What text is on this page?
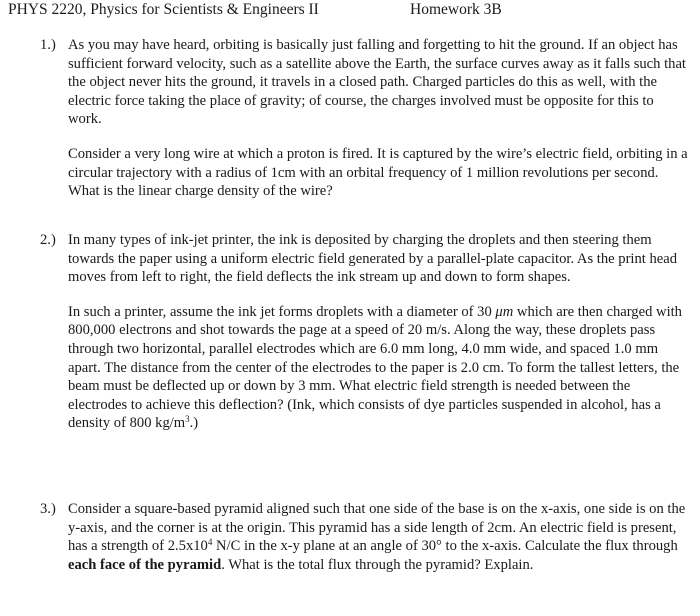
PHYS 2220, Physics for Scientists & Engineers II	Homework 3B
1.) As you may have heard, orbiting is basically just falling and forgetting to hit the ground. If an object has sufficient forward velocity, such as a satellite above the Earth, the surface curves away as it falls such that the object never hits the ground, it travels in a closed path. Charged particles do this as well, with the electric force taking the place of gravity; of course, the charges involved must be opposite for this to work.

Consider a very long wire at which a proton is fired. It is captured by the wire’s electric field, orbiting in a circular trajectory with a radius of 1cm with an orbital frequency of 1 million revolutions per second. What is the linear charge density of the wire?

2.) In many types of ink-jet printer, the ink is deposited by charging the droplets and then steering them towards the paper using a uniform electric field generated by a parallel-plate capacitor. As the print head moves from left to right, the field deflects the ink stream up and down to form shapes.

In such a printer, assume the ink jet forms droplets with a diameter of 30 μm which are then charged with 800,000 electrons and shot towards the page at a speed of 20 m/s. Along the way, these droplets pass through two horizontal, parallel electrodes which are 6.0 mm long, 4.0 mm wide, and spaced 1.0 mm apart. The distance from the center of the electrodes to the paper is 2.0 cm. To form the tallest letters, the beam must be deflected up or down by 3 mm. What electric field strength is needed between the electrodes to achieve this deflection? (Ink, which consists of dye particles suspended in alcohol, has a density of 800 $kg/m^3$.)

3.) Consider a square-based pyramid aligned such that one side of the base is on the x-axis, one side is on the y-axis, and the corner is at the origin. This pyramid has a side length of 2cm. An electric field is present, has a strength of $2.5x10^4$ N/C in the x-y plane at an angle of 30° to the x-axis. Calculate the flux through each face of the pyramid. What is the total flux through the pyramid? Explain.
